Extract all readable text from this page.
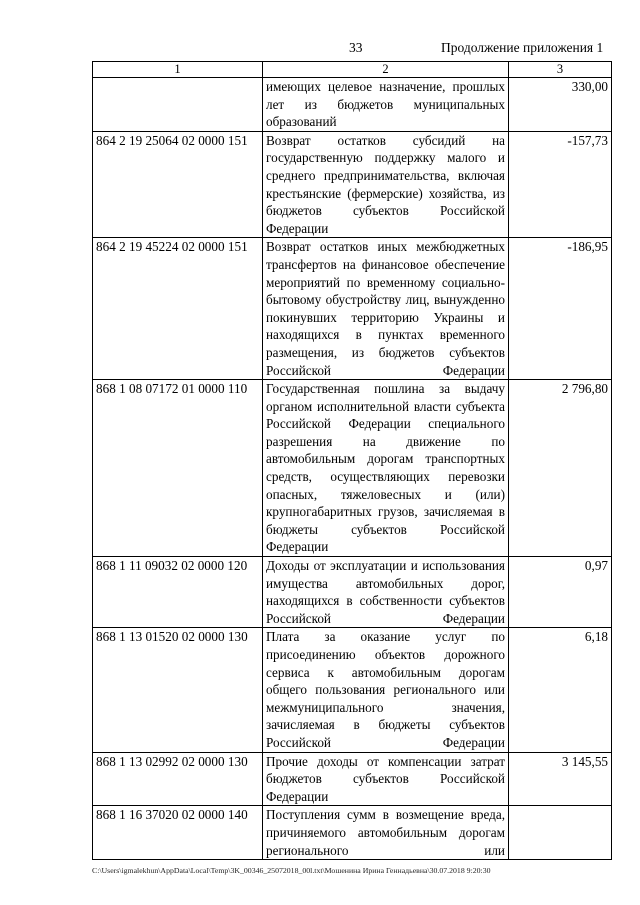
33	Продолжение приложения 1
1	2	3
	имеющих целевое назначение, прошлых лет из бюджетов муниципальных образований	330,00
864 2 19 25064 02 0000 151	Возврат остатков субсидий на государственную поддержку малого и среднего предпринимательства, включая крестьянские (фермерские) хозяйства, из бюджетов субъектов Российской Федерации	-157,73
864 2 19 45224 02 0000 151	Возврат остатков иных межбюджетных трансфертов на финансовое обеспечение мероприятий по временному социально-бытовому обустройству лиц, вынужденно покинувших территорию Украины и находящихся в пунктах временного размещения, из бюджетов субъектов Российской Федерации	-186,95
868 1 08 07172 01 0000 110	Государственная пошлина за выдачу органом исполнительной власти субъекта Российской Федерации специального разрешения на движение по автомобильным дорогам транспортных средств, осуществляющих перевозки опасных, тяжеловесных и (или) крупногабаритных грузов, зачисляемая в бюджеты субъектов Российской Федерации	2 796,80
868 1 11 09032 02 0000 120	Доходы от эксплуатации и использования имущества автомобильных дорог, находящихся в собственности субъектов Российской Федерации	0,97
868 1 13 01520 02 0000 130	Плата за оказание услуг по присоединению объектов дорожного сервиса к автомобильным дорогам общего пользования регионального или межмуниципального значения, зачисляемая в бюджеты субъектов Российской Федерации	6,18
868 1 13 02992 02 0000 130	Прочие доходы от компенсации затрат бюджетов субъектов Российской Федерации	3 145,55
868 1 16 37020 02 0000 140	Поступления сумм в возмещение вреда, причиняемого автомобильным дорогам регионального или	
C:\Users\igmalekhun\AppData\Local\Temp\3K_00346_25072018_00l.txt\Мошенина Ирина Геннадьевна\30.07.2018 9:20:30
